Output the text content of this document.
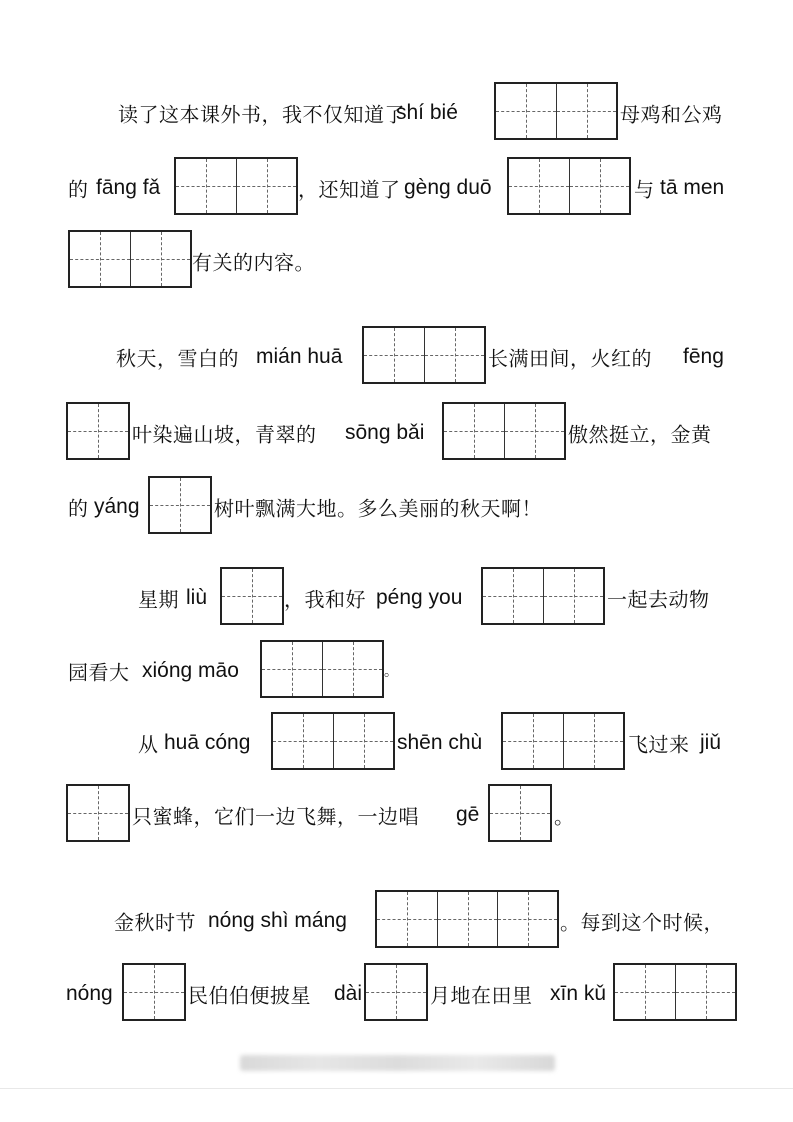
读了这本课外书，我不仅知道了
shí bié	母鸡和公鸡
的 fāng fǎ	，还知道了 gèng duō	与 tā men
有关的内容。
秋天，雪白的 mián huā	长满田间，火红的 fēng
叶染遍山坡，青翠的 sōng bǎi	傲然挺立，金黄
的 yáng	树叶飘满大地。多么美丽的秋天啊！
星期 liù	，我和好 péng you	一起去动物
园看大 xióng māo	。
从 huā cóng	shēn chù	飞过来 jiǔ
只蜜蜂，它们一边飞舞，一边唱 gē	。
金秋时节 nóng shì máng	。每到这个时候，
nóng	民伯伯便披星 dài	月地在田里 xīn kǔ
